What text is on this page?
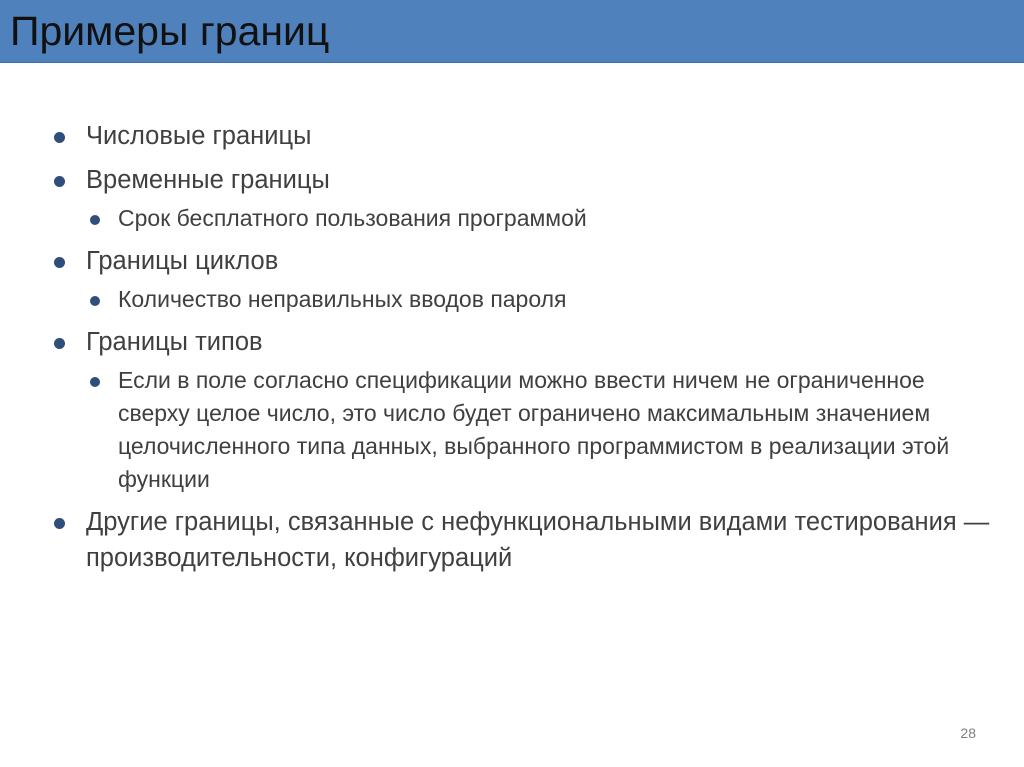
Примеры границ
Числовые границы
Временные границы
Срок бесплатного пользования программой
Границы циклов
Количество неправильных вводов пароля
Границы типов
Если в поле согласно спецификации можно ввести ничем не ограниченное сверху целое число, это число будет ограничено максимальным значением целочисленного типа данных, выбранного программистом в реализации этой функции
Другие границы, связанные с нефункциональными видами тестирования — производительности, конфигураций
28
